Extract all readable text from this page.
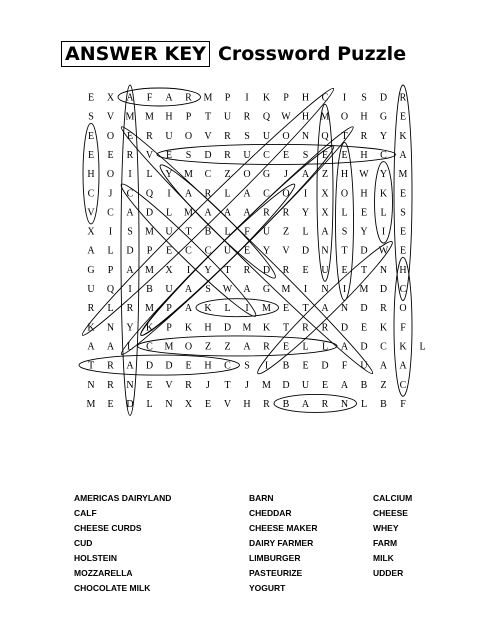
ANSWER KEY Crossword Puzzle
E X A F A R M P I K P H C I S D R
S V M M H P T U R Q W H M O H G E
E O E R U O V R S U O N Q T R Y K
E E R V E S D R U C E S E E H C A
H O I L Y M C Z O G J A Z H W Y M
C J C Q I A R L A C O I X O H K E
V C A D L M A A A R R Y X L E L S
X I S M U T B L F U Z L A S Y I E
A L D P E C C U E Y V D N T D W E
G P A M X I Y T R D R E U E T N H
U Q I B U A S W A G M I N I M D C
R L R M P A K L I M E T A N D R O
K N Y K P K H D M K T R R D E K F
A A L C M O Z Z A R E L L A D C K L
T R A D D E H C S I B E D F U A A
N R N E V R J T J M D U E A B Z C
M E D L N X E V H R B A R N L B F
AMERICAS DAIRYLAND	BARN	CALCIUM
CALF	CHEDDAR	CHEESE
CHEESE CURDS	CHEESE MAKER	WHEY
CUD	DAIRY FARMER	FARM
HOLSTEIN	LIMBURGER	MILK
MOZZARELLA	PASTEURIZE	UDDER
CHOCOLATE MILK	YOGURT
